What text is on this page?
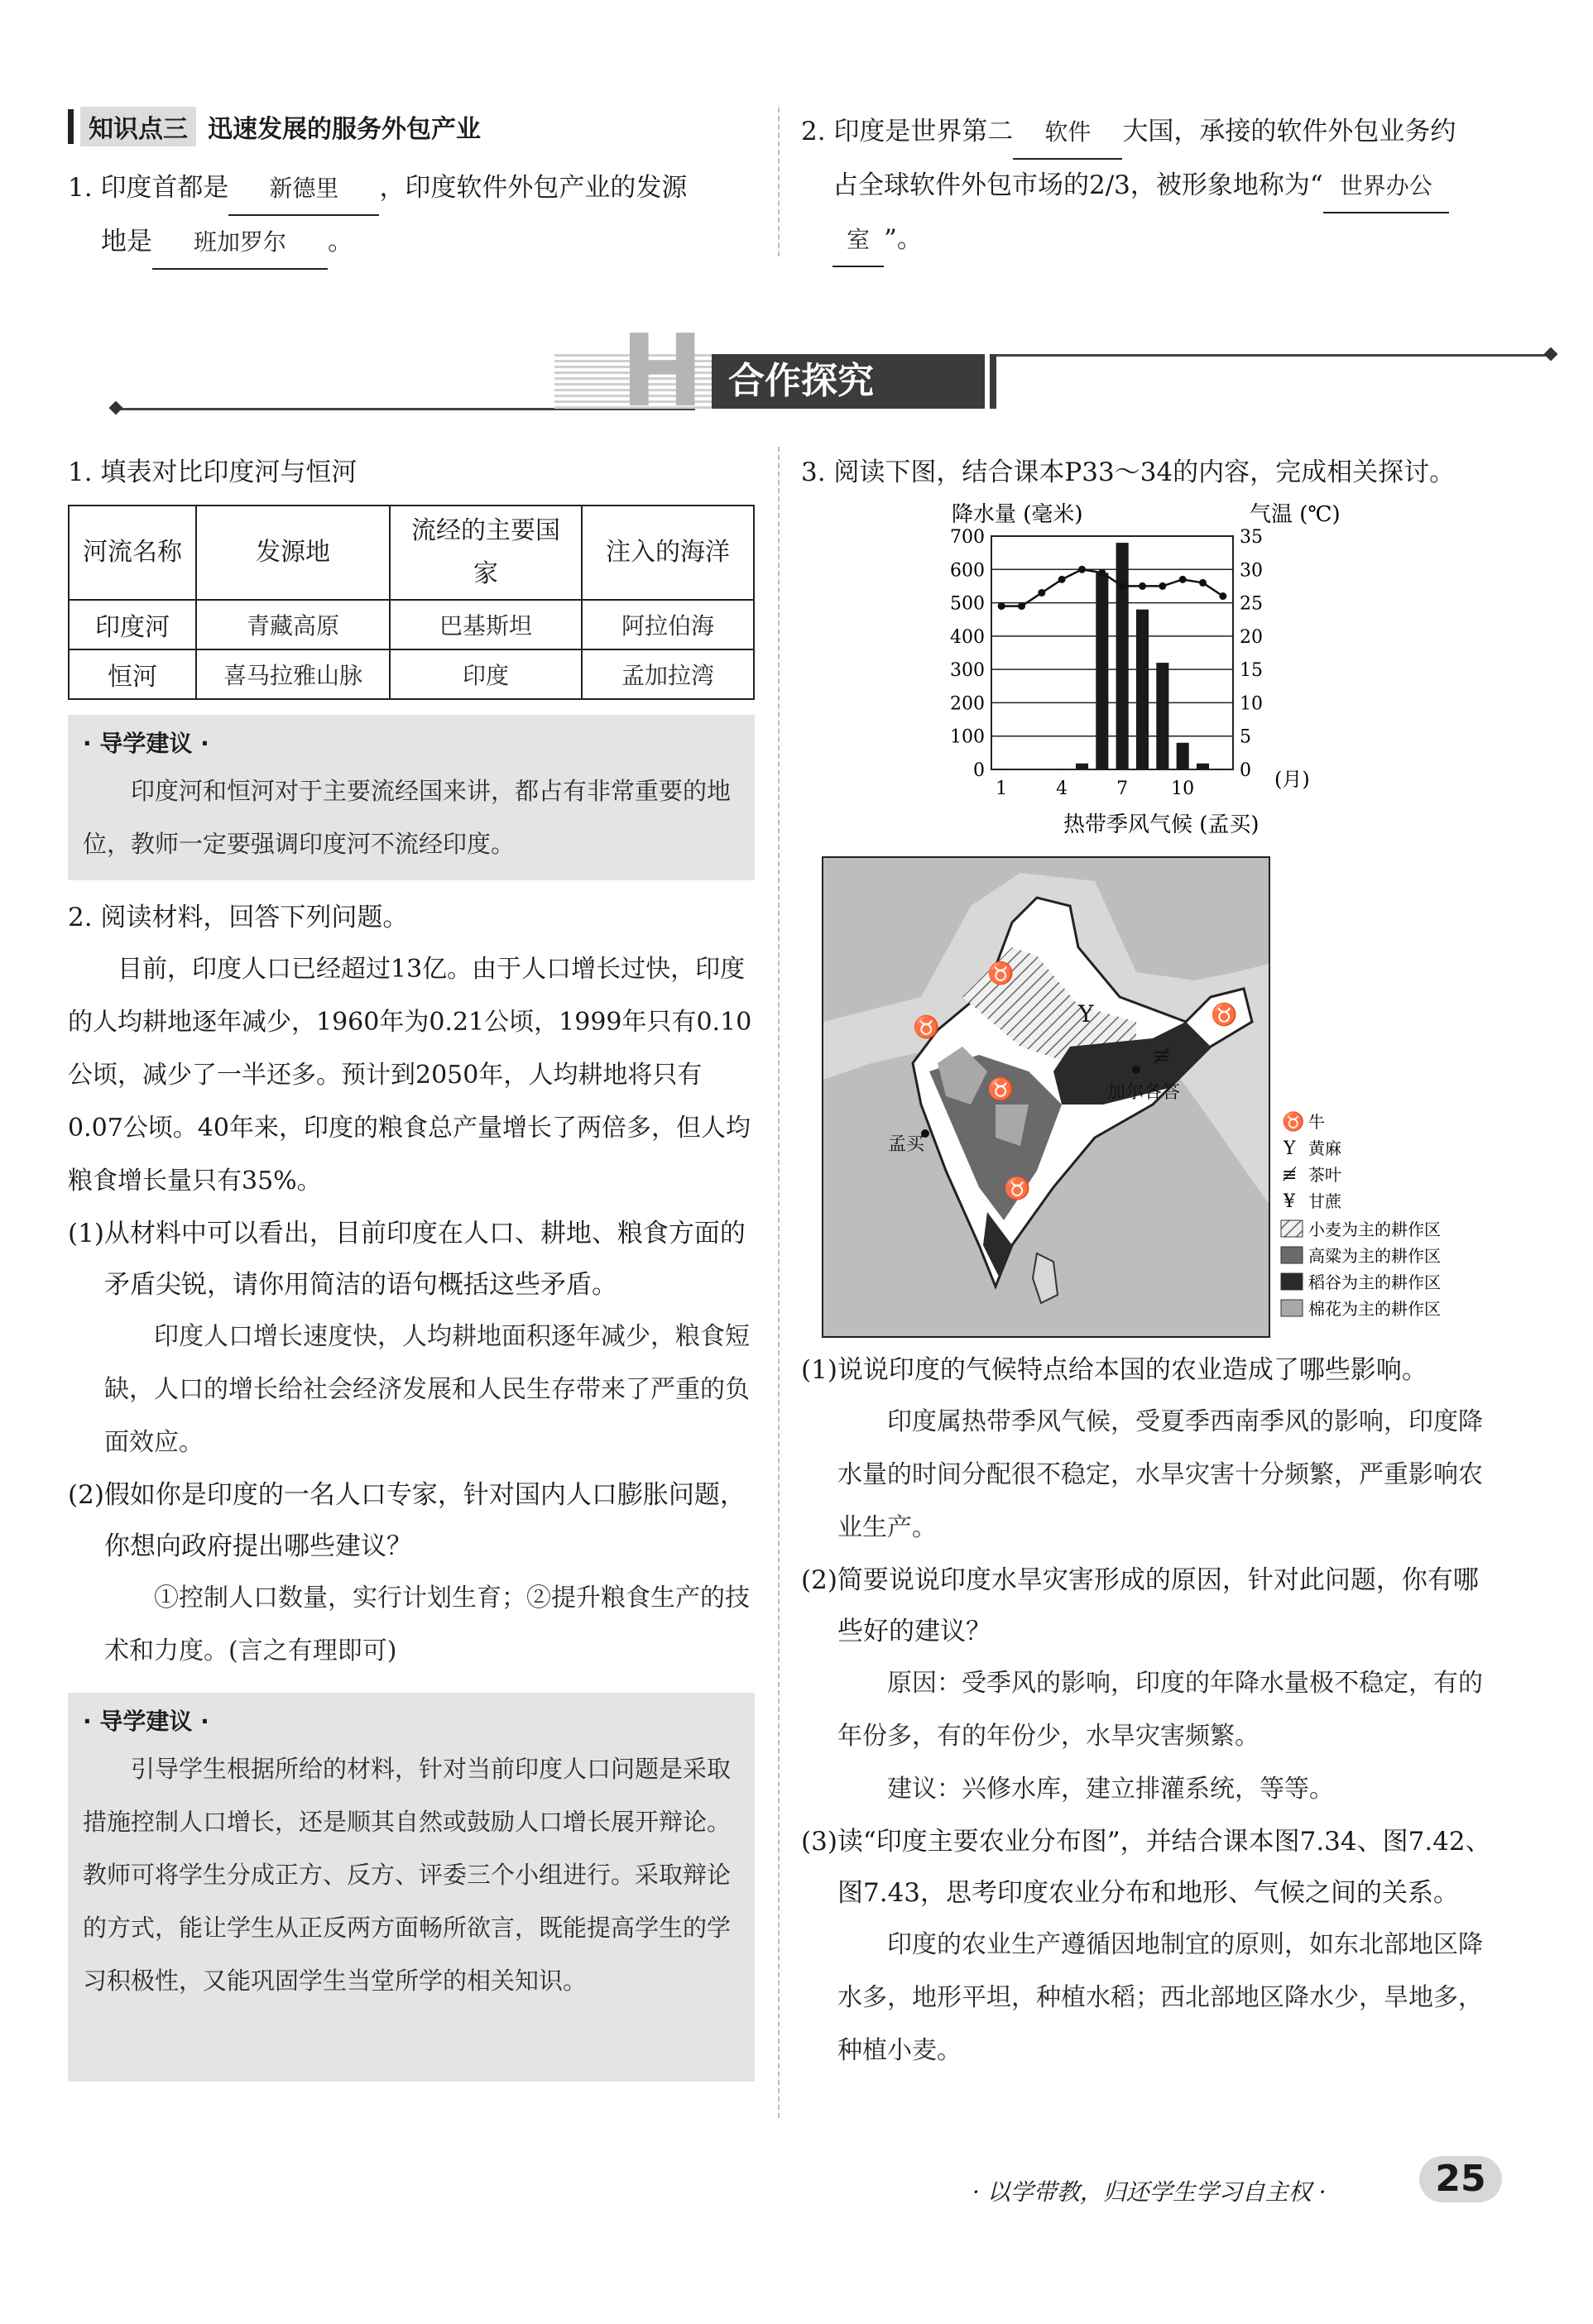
知识点三 迅速发展的服务外包产业

1. 印度首都是 新德里 ，印度软件外包产业的发源
地是 班加罗尔 。

2. 印度是世界第二 软件 大国，承接的软件外包业务约
占全球软件外包市场的2/3，被形象地称为“ 世界办公
室 ”。

H 合作探究

1. 填表对比印度河与恒河

河流名称	发源地	流经的主要国家	注入的海洋
印度河	青藏高原	巴基斯坦	阿拉伯海
恒河	喜马拉雅山脉	印度	孟加拉湾
· 导学建议 ·

印度河和恒河对于主要流经国来讲，都占有非常重要的地位，教师一定要强调印度河不流经印度。

2. 阅读材料，回答下列问题。

目前，印度人口已经超过13亿。由于人口增长过快，印度的人均耕地逐年减少，1960年为0.21公顷，1999年只有0.10公顷，减少了一半还多。预计到2050年，人均耕地将只有0.07公顷。40年来，印度的粮食总产量增长了两倍多，但人均粮食增长量只有35%。

(1)从材料中可以看出，目前印度在人口、耕地、粮食方面的矛盾尖锐，请你用简洁的语句概括这些矛盾。

印度人口增长速度快，人均耕地面积逐年减少，粮食短缺，人口的增长给社会经济发展和人民生存带来了严重的负面效应。

(2)假如你是印度的一名人口专家，针对国内人口膨胀问题，你想向政府提出哪些建议？

①控制人口数量，实行计划生育；②提升粮食生产的技术和力度。(言之有理即可)

· 导学建议 ·

引导学生根据所给的材料，针对当前印度人口问题是采取措施控制人口增长，还是顺其自然或鼓励人口增长展开辩论。教师可将学生分成正方、反方、评委三个小组进行。采取辩论的方式，能让学生从正反两方面畅所欲言，既能提高学生的学习积极性，又能巩固学生当堂所学的相关知识。

3. 阅读下图，结合课本P33～34的内容，完成相关探讨。

降水量 (毫米)	气温 (℃)
(月)
热带季风气候 (孟买)
0
100
200
300
400
500
600
700
0
5
10
15
20
25
30
35
1	4	7 10
♉
♉
♉
♉
Y
≢
♉
加尔各答
孟买
♉ 牛
Y 黄麻
≢ 茶叶
¥ 甘蔗
小麦为主的耕作区
高粱为主的耕作区
稻谷为主的耕作区
棉花为主的耕作区

(1)说说印度的气候特点给本国的农业造成了哪些影响。

印度属热带季风气候，受夏季西南季风的影响，印度降水量的时间分配很不稳定，水旱灾害十分频繁，严重影响农业生产。

(2)简要说说印度水旱灾害形成的原因，针对此问题，你有哪些好的建议？

原因：受季风的影响，印度的年降水量极不稳定，有的年份多，有的年份少，水旱灾害频繁。

建议：兴修水库，建立排灌系统，等等。

(3)读“印度主要农业分布图”，并结合课本图7.34、图7.42、图7.43，思考印度农业分布和地形、气候之间的关系。

印度的农业生产遵循因地制宜的原则，如东北部地区降水多，地形平坦，种植水稻；西北部地区降水少，旱地多，种植小麦。

· 以学带教，归还学生学习自主权 ·	25
